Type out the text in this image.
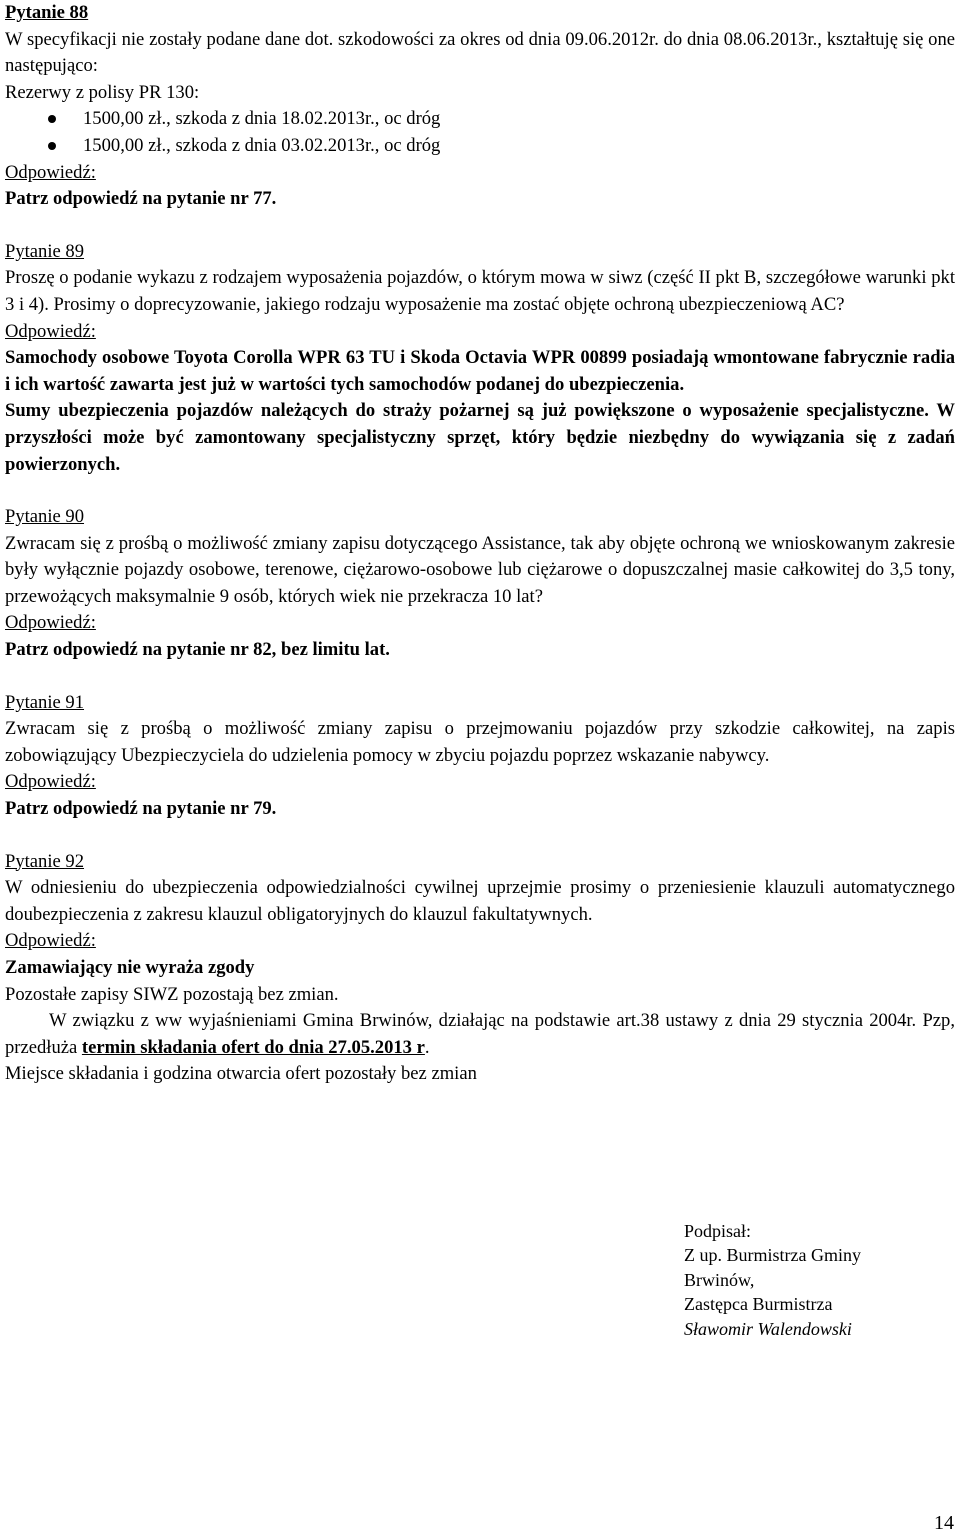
Pytanie 88

W specyfikacji nie zostały podane dane dot. szkodowości za okres od dnia 09.06.2012r. do dnia 08.06.2013r., kształtuję się one następująco:

Rezerwy z polisy PR 130:

1500,00 zł., szkoda z dnia 18.02.2013r., oc dróg
1500,00 zł., szkoda z dnia 03.02.2013r., oc dróg

Odpowiedź:

Patrz odpowiedź na pytanie nr 77.

Pytanie 89

Proszę o podanie wykazu z rodzajem wyposażenia pojazdów, o którym mowa w siwz (część II pkt B, szczegółowe warunki pkt 3 i 4). Prosimy o doprecyzowanie, jakiego rodzaju wyposażenie ma zostać objęte ochroną ubezpieczeniową AC?

Odpowiedź:

Samochody osobowe Toyota Corolla WPR 63 TU i Skoda Octavia WPR 00899 posiadają wmontowane fabrycznie radia i ich wartość zawarta jest już w wartości tych samochodów podanej do ubezpieczenia.

Sumy ubezpieczenia pojazdów należących do straży pożarnej są już powiększone o wyposażenie specjalistyczne. W przyszłości może być zamontowany specjalistyczny sprzęt, który będzie niezbędny do wywiązania się z zadań powierzonych.

Pytanie 90

Zwracam się z prośbą o możliwość zmiany zapisu dotyczącego Assistance, tak aby objęte ochroną we wnioskowanym zakresie były wyłącznie pojazdy osobowe, terenowe, ciężarowo-osobowe lub ciężarowe o dopuszczalnej masie całkowitej do 3,5 tony, przewożących maksymalnie 9 osób, których wiek nie przekracza 10 lat?

Odpowiedź:

Patrz odpowiedź na pytanie nr 82, bez limitu lat.

Pytanie 91

Zwracam się z prośbą o możliwość zmiany zapisu o przejmowaniu pojazdów przy szkodzie całkowitej, na zapis zobowiązujący Ubezpieczyciela do udzielenia pomocy w zbyciu pojazdu poprzez wskazanie nabywcy.

Odpowiedź:

Patrz odpowiedź na pytanie nr 79.

Pytanie 92

W odniesieniu do ubezpieczenia odpowiedzialności cywilnej uprzejmie prosimy o przeniesienie klauzuli automatycznego doubezpieczenia z zakresu klauzul obligatoryjnych do klauzul fakultatywnych.

Odpowiedź:

Zamawiający nie wyraża zgody

Pozostałe zapisy SIWZ pozostają bez zmian.

W związku z ww wyjaśnieniami Gmina Brwinów, działając na podstawie art.38 ustawy z dnia 29 stycznia 2004r. Pzp, przedłuża termin składania ofert do dnia 27.05.2013 r.

Miejsce składania i godzina otwarcia ofert pozostały bez zmian

Podpisał:
Z up. Burmistrza Gminy
Brwinów,
Zastępca Burmistrza
Sławomir Walendowski
14
